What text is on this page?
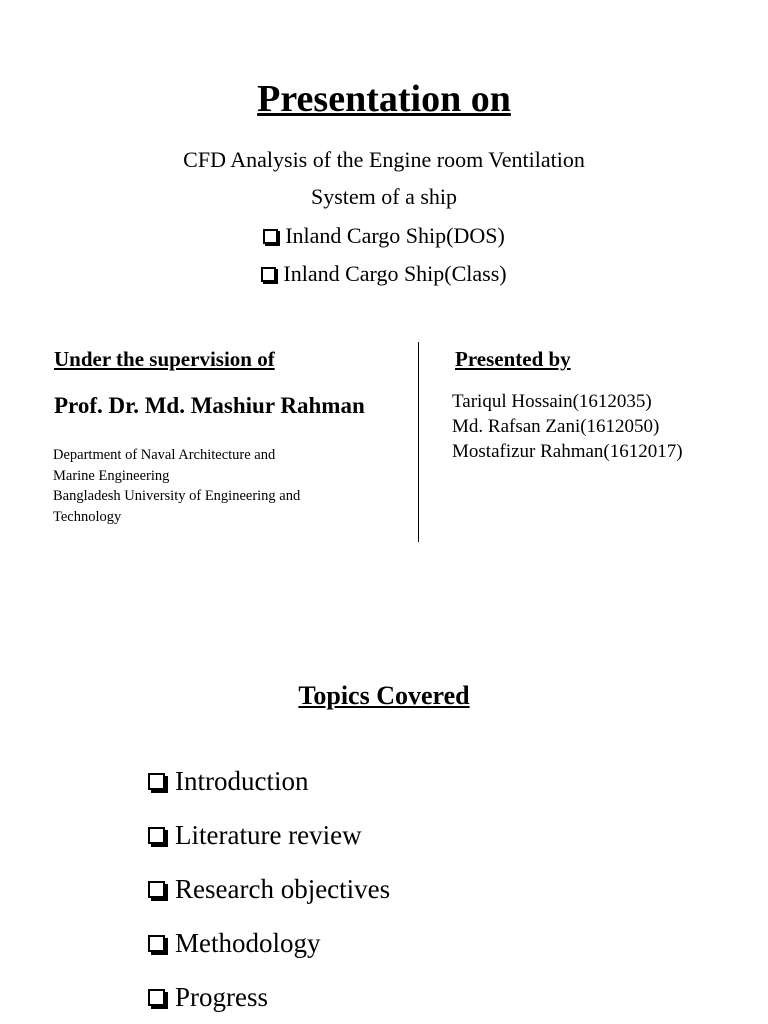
Presentation on
CFD Analysis of the Engine room Ventilation
System of a ship
Inland Cargo Ship(DOS)
Inland Cargo Ship(Class)
Under the supervision of
Prof. Dr. Md. Mashiur Rahman
Department of Naval Architecture and
Marine Engineering
Bangladesh University of Engineering and
Technology
Presented by
Tariqul Hossain(1612035)
Md. Rafsan Zani(1612050)
Mostafizur Rahman(1612017)
Topics Covered
Introduction
Literature review
Research objectives
Methodology
Progress
